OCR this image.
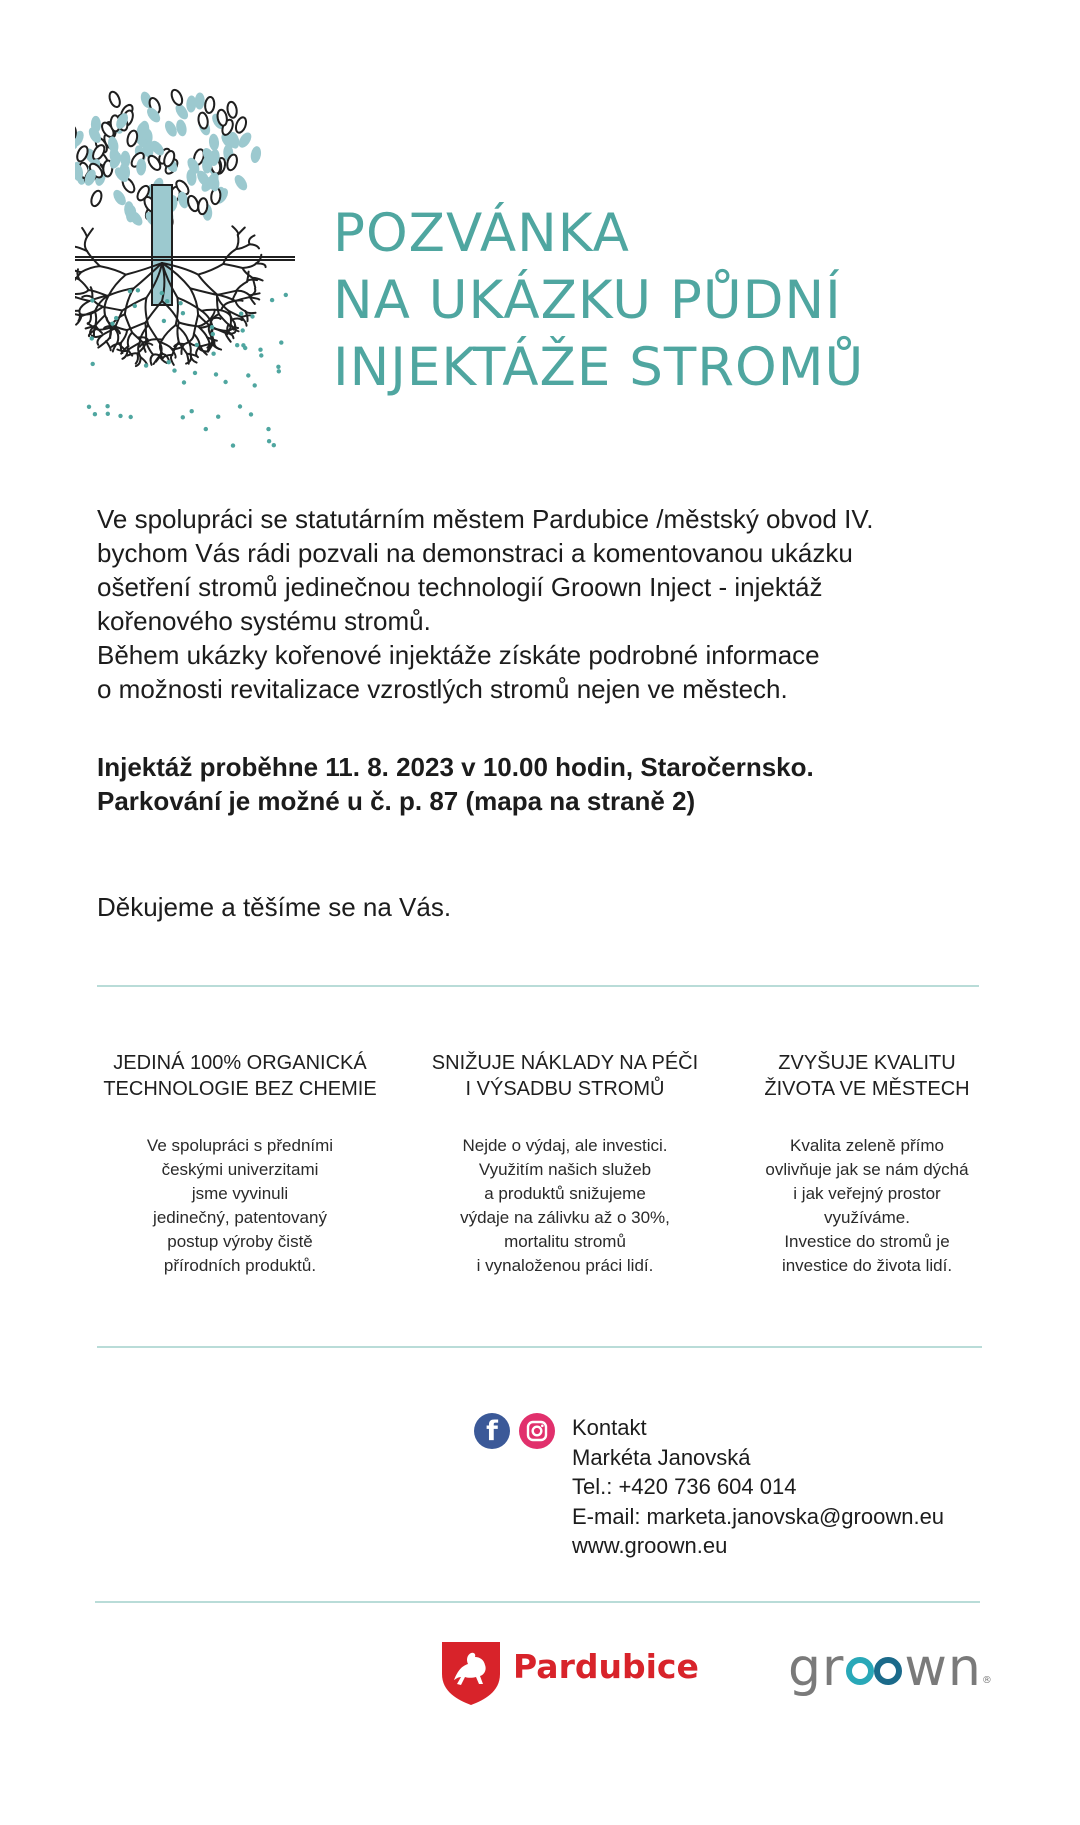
POZVÁNKA
NA UKÁZKU PŮDNÍ
INJEKTÁŽE STROMŮ
Ve spolupráci se statutárním městem Pardubice /městský obvod IV.
bychom Vás rádi pozvali na demonstraci a komentovanou ukázku
ošetření stromů jedinečnou technologií Groown Inject - injektáž
kořenového systému stromů.
Během ukázky kořenové injektáže získáte podrobné informace
o možnosti revitalizace vzrostlých stromů nejen ve městech.
Injektáž proběhne 11. 8. 2023 v 10.00 hodin, Staročernsko.
Parkování je možné u č. p. 87 (mapa na straně 2)
Děkujeme a těšíme se na Vás.
JEDINÁ 100% ORGANICKÁ
TECHNOLOGIE BEZ CHEMIE
Ve spolupráci s předními
českými univerzitami
jsme vyvinuli
jedinečný, patentovaný
postup výroby čistě
přírodních produktů.
SNIŽUJE NÁKLADY NA PÉČI
I VÝSADBU STROMŮ
Nejde o výdaj, ale investici.
Využitím našich služeb
a produktů snižujeme
výdaje na zálivku až o 30%,
mortalitu stromů
i vynaloženou práci lidí.
ZVYŠUJE KVALITU
ŽIVOTA VE MĚSTECH
Kvalita zeleně přímo
ovlivňuje jak se nám dýchá
i jak veřejný prostor
využíváme.
Investice do stromů je
investice do života lidí.
f	Kontakt
Markéta Janovská
Tel.: +420 736 604 014
E-mail: marketa.janovska@groown.eu
www.groown.eu
Pardubice gr wn®
